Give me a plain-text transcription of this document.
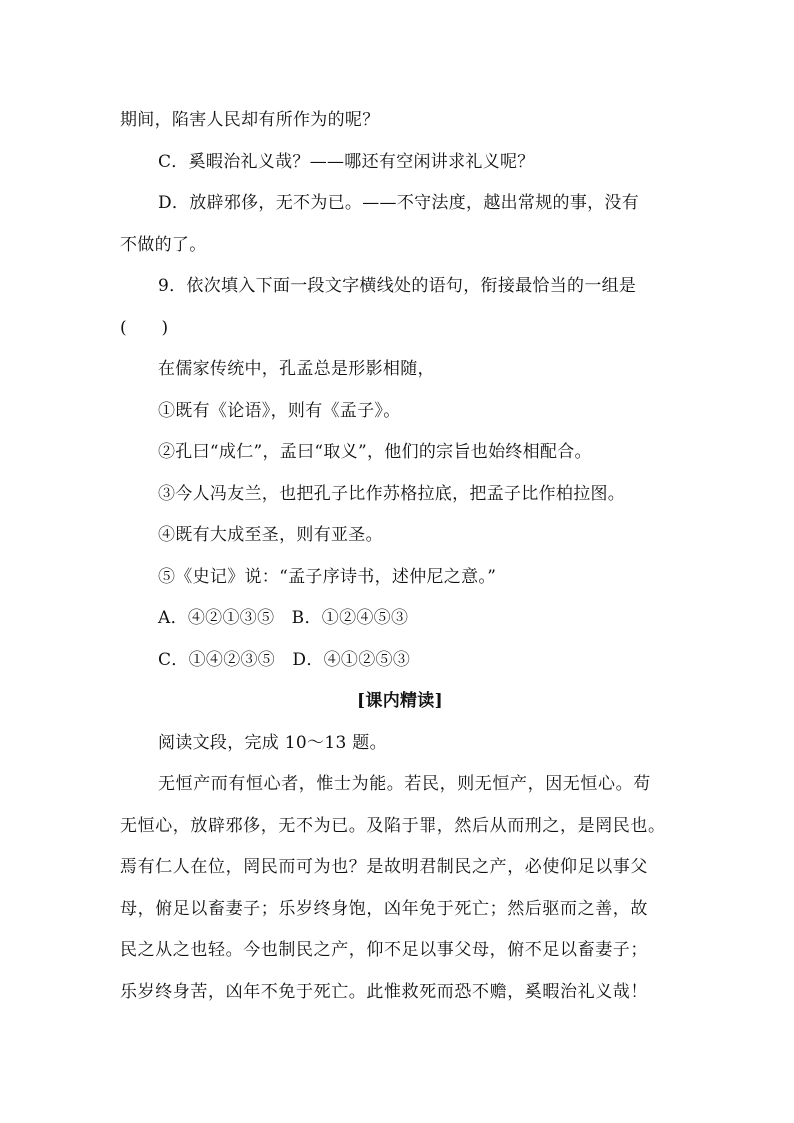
期间，陷害人民却有所作为的呢？
C．奚暇治礼义哉？——哪还有空闲讲求礼义呢？
D．放辟邪侈，无不为已。——不守法度，越出常规的事，没有
不做的了。
9．依次填入下面一段文字横线处的语句，衔接最恰当的一组是
(　　)
在儒家传统中，孔孟总是形影相随，
①既有《论语》，则有《孟子》。
②孔曰“成仁”，孟曰“取义”，他们的宗旨也始终相配合。
③今人冯友兰，也把孔子比作苏格拉底，把孟子比作柏拉图。
④既有大成至圣，则有亚圣。
⑤《史记》说：“孟子序诗书，述仲尼之意。”
A．④②①③⑤　B．①②④⑤③
C．①④②③⑤　D．④①②⑤③
[课内精读]
阅读文段，完成 10～13 题。
无恒产而有恒心者，惟士为能。若民，则无恒产，因无恒心。苟
无恒心，放辟邪侈，无不为已。及陷于罪，然后从而刑之，是罔民也。
焉有仁人在位，罔民而可为也？是故明君制民之产，必使仰足以事父
母，俯足以畜妻子；乐岁终身饱，凶年免于死亡；然后驱而之善，故
民之从之也轻。今也制民之产，仰不足以事父母，俯不足以畜妻子；
乐岁终身苦，凶年不免于死亡。此惟救死而恐不赡，奚暇治礼义哉！
